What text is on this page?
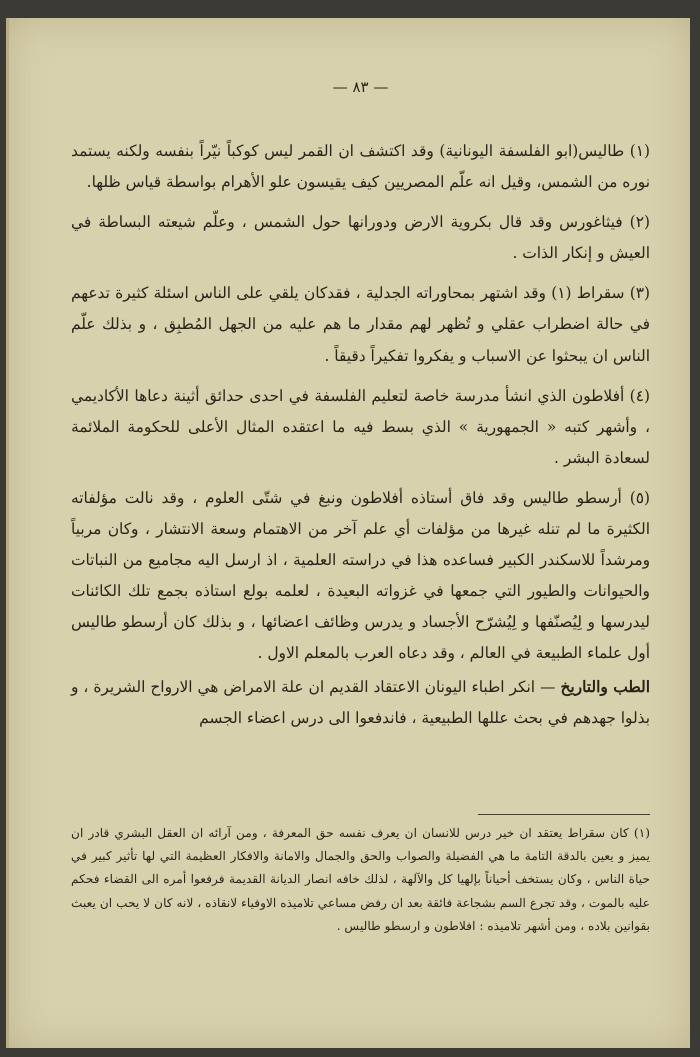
— ٨٣ —

(١) طاليس(ابو الفلسفة اليونانية) وقد اكتشف ان القمر ليس كوكباً نيّراً بنفسه ولكنه يستمد نوره من الشمس، وقيل انه علّم المصريين كيف يقيسون علو الأهرام بواسطة قياس ظلها.

(٢) فيثاغورس وقد قال بكروية الارض ودورانها حول الشمس ، وعلّم شيعته البساطة في العيش و إنكار الذات .

(٣) سقراط (١) وقد اشتهر بمحاوراته الجدلية ، فقدكان يلقي على الناس اسئلة كثيرة تدعهم في حالة اضطراب عقلي و تُظهر لهم مقدار ما هم عليه من الجهل المُطبِق ، و بذلك علّم الناس ان يبحثوا عن الاسباب و يفكروا تفكيراً دقيقاً .

(٤) أفلاطون الذي انشأ مدرسة خاصة لتعليم الفلسفة في احدى حدائق أثينة دعاها الأكاديمي ، وأشهر كتبه « الجمهورية » الذي بسط فيه ما اعتقده المثال الأعلى للحكومة الملائمة لسعادة البشر .

(٥) أرسطو طاليس وقد فاق أستاذه أفلاطون ونبغ في شتّى العلوم ، وقد نالت مؤلفاته الكثيرة ما لم تنله غيرها من مؤلفات أي علم آخر من الاهتمام وسعة الانتشار ، وكان مربياً ومرشداً للاسكندر الكبير فساعده هذا في دراسته العلمية ، اذ ارسل اليه مجاميع من النباتات والحيوانات والطيور التي جمعها في غزواته البعيدة ، لعلمه بولع استاذه بجمع تلك الكائنات ليدرسها و لِيُصنّفها و لِيُشرّح الأجساد و يدرس وظائف اعضائها ، و بذلك كان أرسطو طاليس أول علماء الطبيعة في العالم ، وقد دعاه العرب بالمعلم الاول .

الطب والتاريخ — انكر اطباء اليونان الاعتقاد القديم ان علة الامراض هي الارواح الشريرة ، و بذلوا جهدهم في بحث عللها الطبيعية ، فاندفعوا الى درس اعضاء الجسم

(١) كان سقراط يعتقد ان خير درس للانسان ان يعرف نفسه حق المعرفة ، ومن آرائه ان العقل البشري قادر ان يميز و يعين بالدقة التامة ما هي الفضيلة والصواب والحق والجمال والامانة والافكار العظيمة التي لها تأثير كبير في حياة الناس ، وكان يستخف أحياناً بإلهيا كل والآلهة ، لذلك خافه انصار الديانة القديمة فرفعوا أمره الى القضاء فحكم عليه بالموت ، وقد تجرع السم بشجاعة فائقة بعد ان رفض مساعي تلاميذه الاوفياء لانقاذه ، لانه كان لا يحب ان يعبث بقوانين بلاده ، ومن أشهر تلاميذه : افلاطون و ارسطو طاليس .
